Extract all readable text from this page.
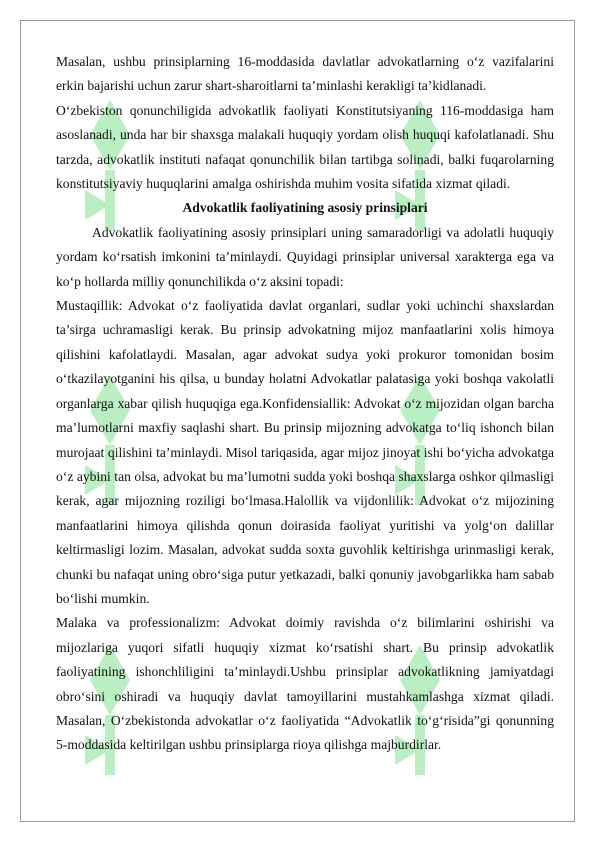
Masalan, ushbu prinsiplarning 16-moddasida davlatlar advokatlarning o‘z vazifalarini erkin bajarishi uchun zarur shart-sharoitlarni ta’minlashi kerakligi ta’kidlanadi.

O‘zbekiston qonunchiligida advokatlik faoliyati Konstitutsiyaning 116-moddasiga ham asoslanadi, unda har bir shaxsga malakali huquqiy yordam olish huquqi kafolatlanadi. Shu tarzda, advokatlik instituti nafaqat qonunchilik bilan tartibga solinadi, balki fuqarolarning konstitutsiyaviy huquqlarini amalga oshirishda muhim vosita sifatida xizmat qiladi.

Advokatlik faoliyatining asosiy prinsiplari

Advokatlik faoliyatining asosiy prinsiplari uning samaradorligi va adolatli huquqiy yordam ko‘rsatish imkonini ta’minlaydi. Quyidagi prinsiplar universal xarakterga ega va ko‘p hollarda milliy qonunchilikda o‘z aksini topadi:

Mustaqillik: Advokat o‘z faoliyatida davlat organlari, sudlar yoki uchinchi shaxslardan ta’sirga uchramasligi kerak. Bu prinsip advokatning mijoz manfaatlarini xolis himoya qilishini kafolatlaydi. Masalan, agar advokat sudya yoki prokuror tomonidan bosim o‘tkazilayotganini his qilsa, u bunday holatni Advokatlar palatasiga yoki boshqa vakolatli organlarga xabar qilish huquqiga ega.Konfidensiallik: Advokat o‘z mijozidan olgan barcha ma’lumotlarni maxfiy saqlashi shart. Bu prinsip mijozning advokatga to‘liq ishonch bilan murojaat qilishini ta’minlaydi. Misol tariqasida, agar mijoz jinoyat ishi bo‘yicha advokatga o‘z aybini tan olsa, advokat bu ma’lumotni sudda yoki boshqa shaxslarga oshkor qilmasligi kerak, agar mijozning roziligi bo‘lmasa.Halollik va vijdonlilik: Advokat o‘z mijozining manfaatlarini himoya qilishda qonun doirasida faoliyat yuritishi va yolg‘on dalillar keltirmasligi lozim. Masalan, advokat sudda soxta guvohlik keltirishga urinmasligi kerak, chunki bu nafaqat uning obro‘siga putur yetkazadi, balki qonuniy javobgarlikka ham sabab bo‘lishi mumkin.

Malaka va professionalizm: Advokat doimiy ravishda o‘z bilimlarini oshirishi va mijozlariga yuqori sifatli huquqiy xizmat ko‘rsatishi shart. Bu prinsip advokatlik faoliyatining ishonchliligini ta’minlaydi.Ushbu prinsiplar advokatlikning jamiyatdagi obro‘sini oshiradi va huquqiy davlat tamoyillarini mustahkamlashga xizmat qiladi. Masalan, O‘zbekistonda advokatlar o‘z faoliyatida “Advokatlik to‘g‘risida”gi qonunning 5-moddasida keltirilgan ushbu prinsiplarga rioya qilishga majburdirlar.
